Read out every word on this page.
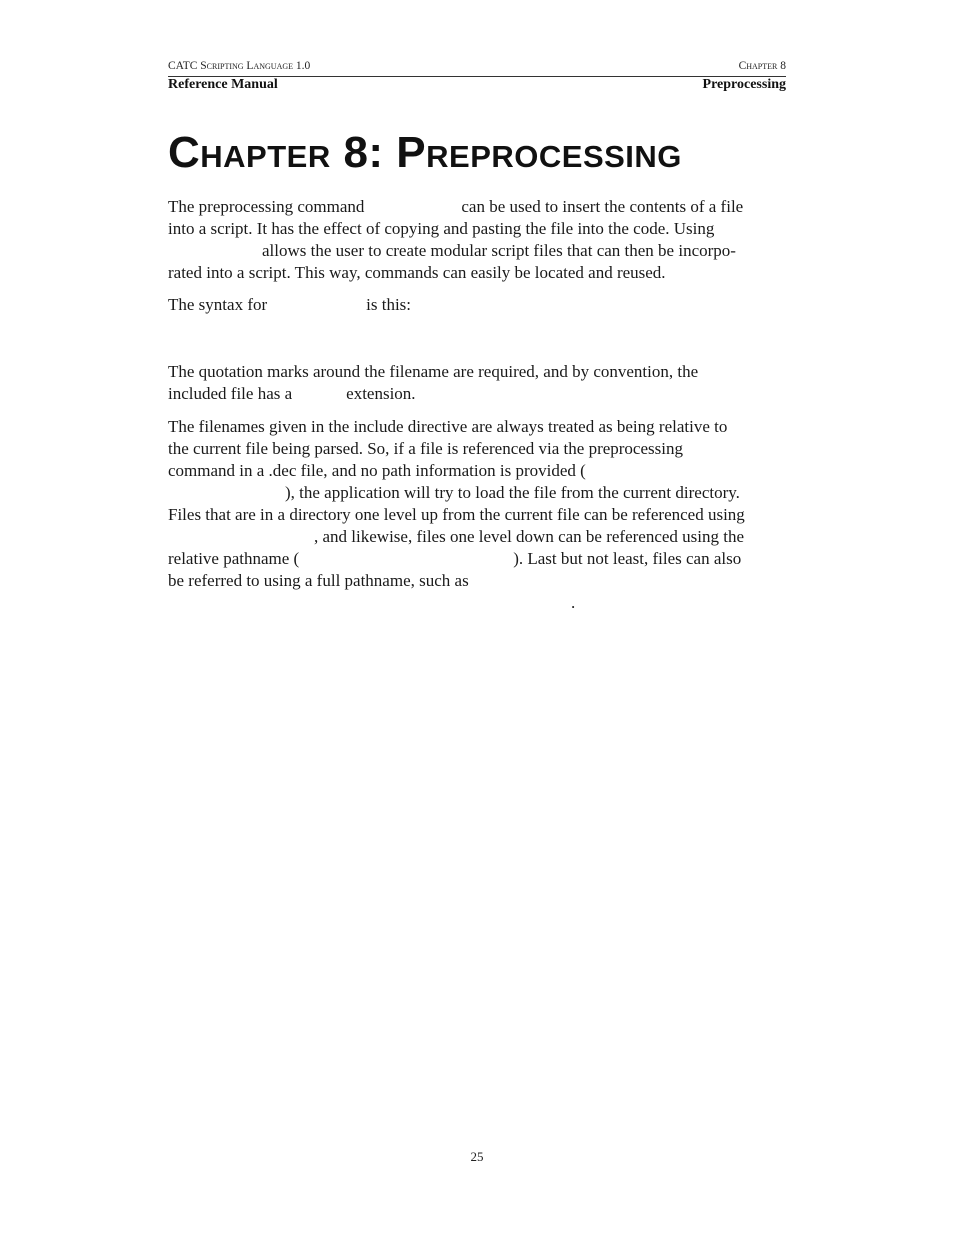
CATC Scripting Language 1.0	Chapter 8
Reference Manual	Preprocessing
Chapter 8: Preprocessing
The preprocessing command	can be used to insert the contents of a file
into a script. It has the effect of copying and pasting the file into the code. Using
allows the user to create modular script files that can then be incorpo-
rated into a script. This way, commands can easily be located and reused.
The syntax for	is this:
The quotation marks around the filename are required, and by convention, the
included file has a	extension.
The filenames given in the include directive are always treated as being relative to
the current file being parsed. So, if a file is referenced via the preprocessing
command in a .dec file, and no path information is provided (
), the application will try to load the file from the current directory.
Files that are in a directory one level up from the current file can be referenced using
, and likewise, files one level down can be referenced using the
relative pathname (	). Last but not least, files can also
be referred to using a full pathname, such as
.
25
